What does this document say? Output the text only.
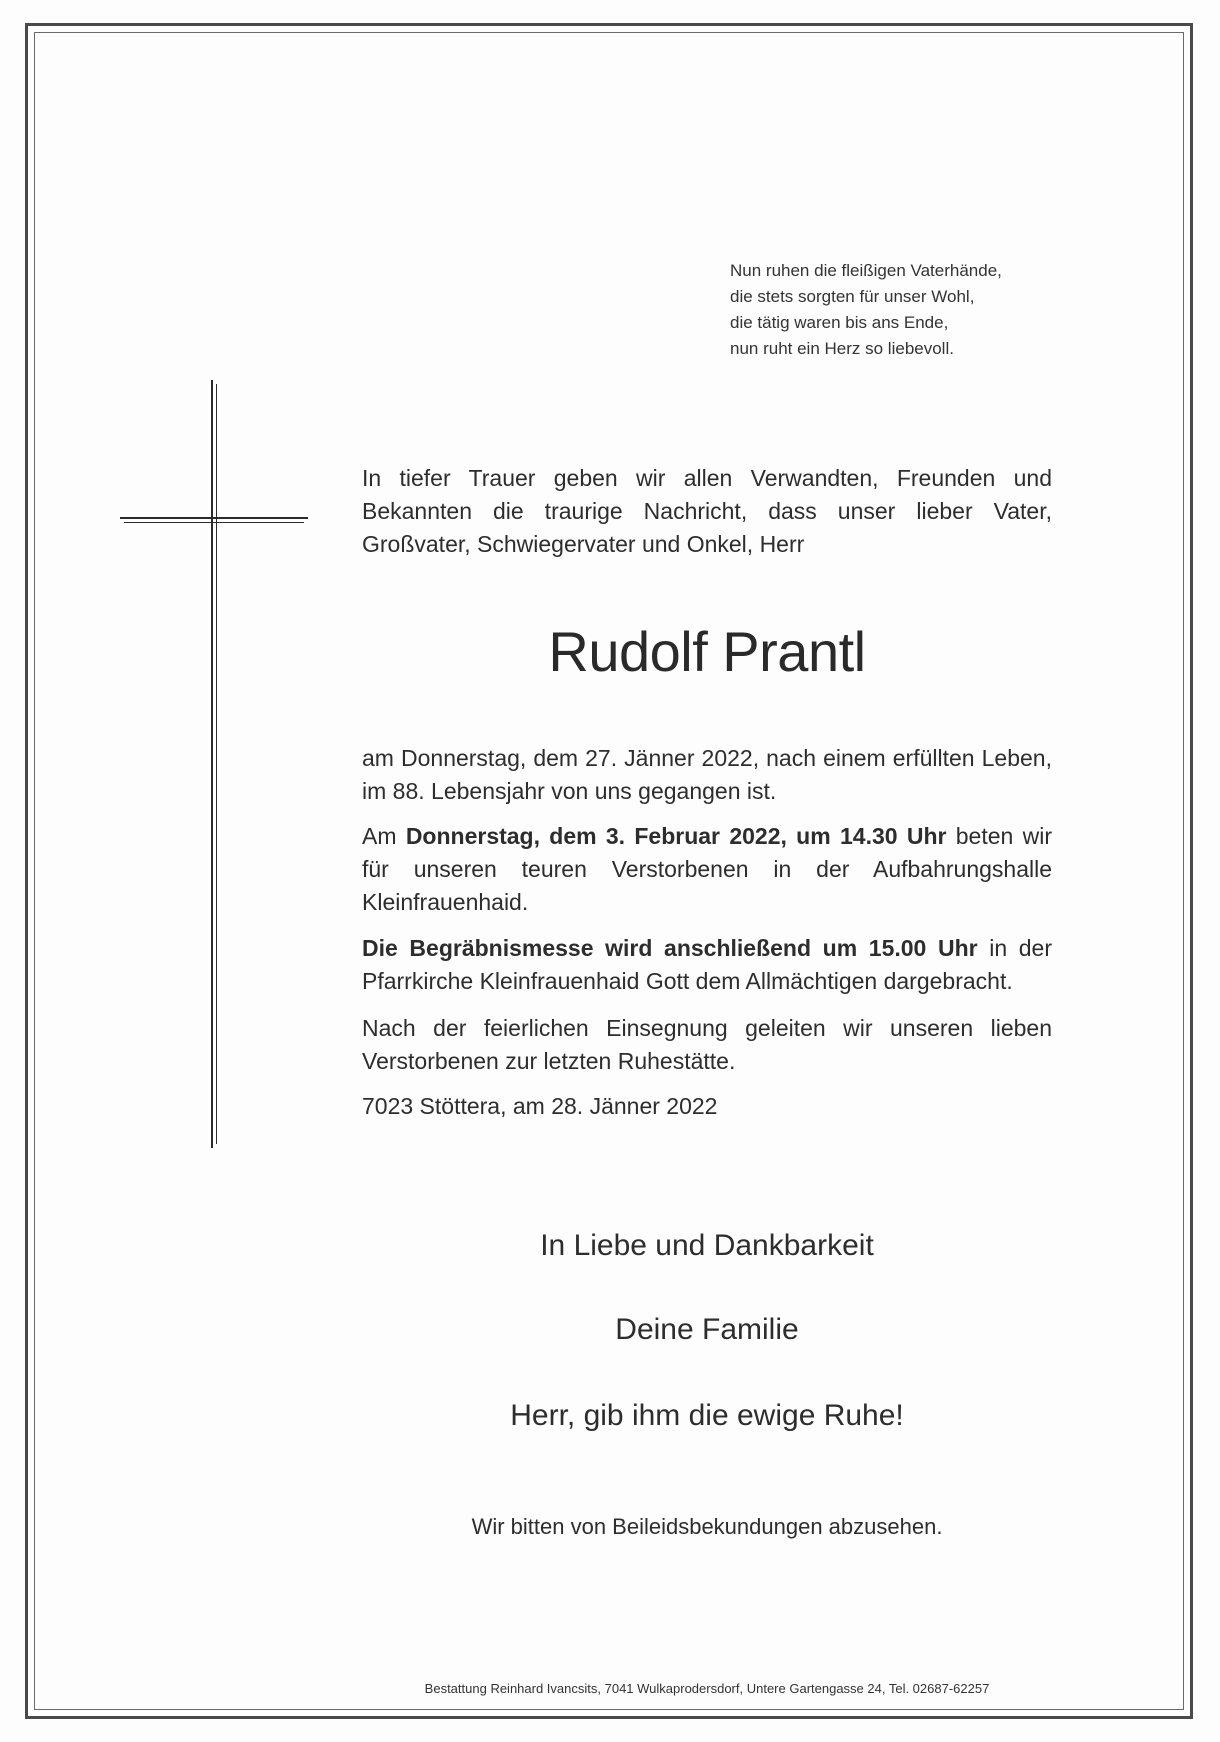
Nun ruhen die fleißigen Vaterhände,
die stets sorgten für unser Wohl,
die tätig waren bis ans Ende,
nun ruht ein Herz so liebevoll.
In tiefer Trauer geben wir allen Verwandten, Freunden und Bekannten die traurige Nachricht, dass unser lieber Vater, Großvater, Schwiegervater und Onkel, Herr
Rudolf Prantl
am Donnerstag, dem 27. Jänner 2022, nach einem erfüllten Leben, im 88. Lebensjahr von uns gegangen ist.
Am Donnerstag, dem 3. Februar 2022, um 14.30 Uhr beten wir für unseren teuren Verstorbenen in der Aufbahrungshalle Kleinfrauenhaid.
Die Begräbnismesse wird anschließend um 15.00 Uhr in der Pfarrkirche Kleinfrauenhaid Gott dem Allmächtigen dargebracht.
Nach der feierlichen Einsegnung geleiten wir unseren lieben Verstorbenen zur letzten Ruhestätte.
7023 Stöttera, am 28. Jänner 2022
In Liebe und Dankbarkeit
Deine Familie
Herr, gib ihm die ewige Ruhe!
Wir bitten von Beileidsbekundungen abzusehen.
Bestattung Reinhard Ivancsits, 7041 Wulkaprodersdorf, Untere Gartengasse 24, Tel. 02687-62257
